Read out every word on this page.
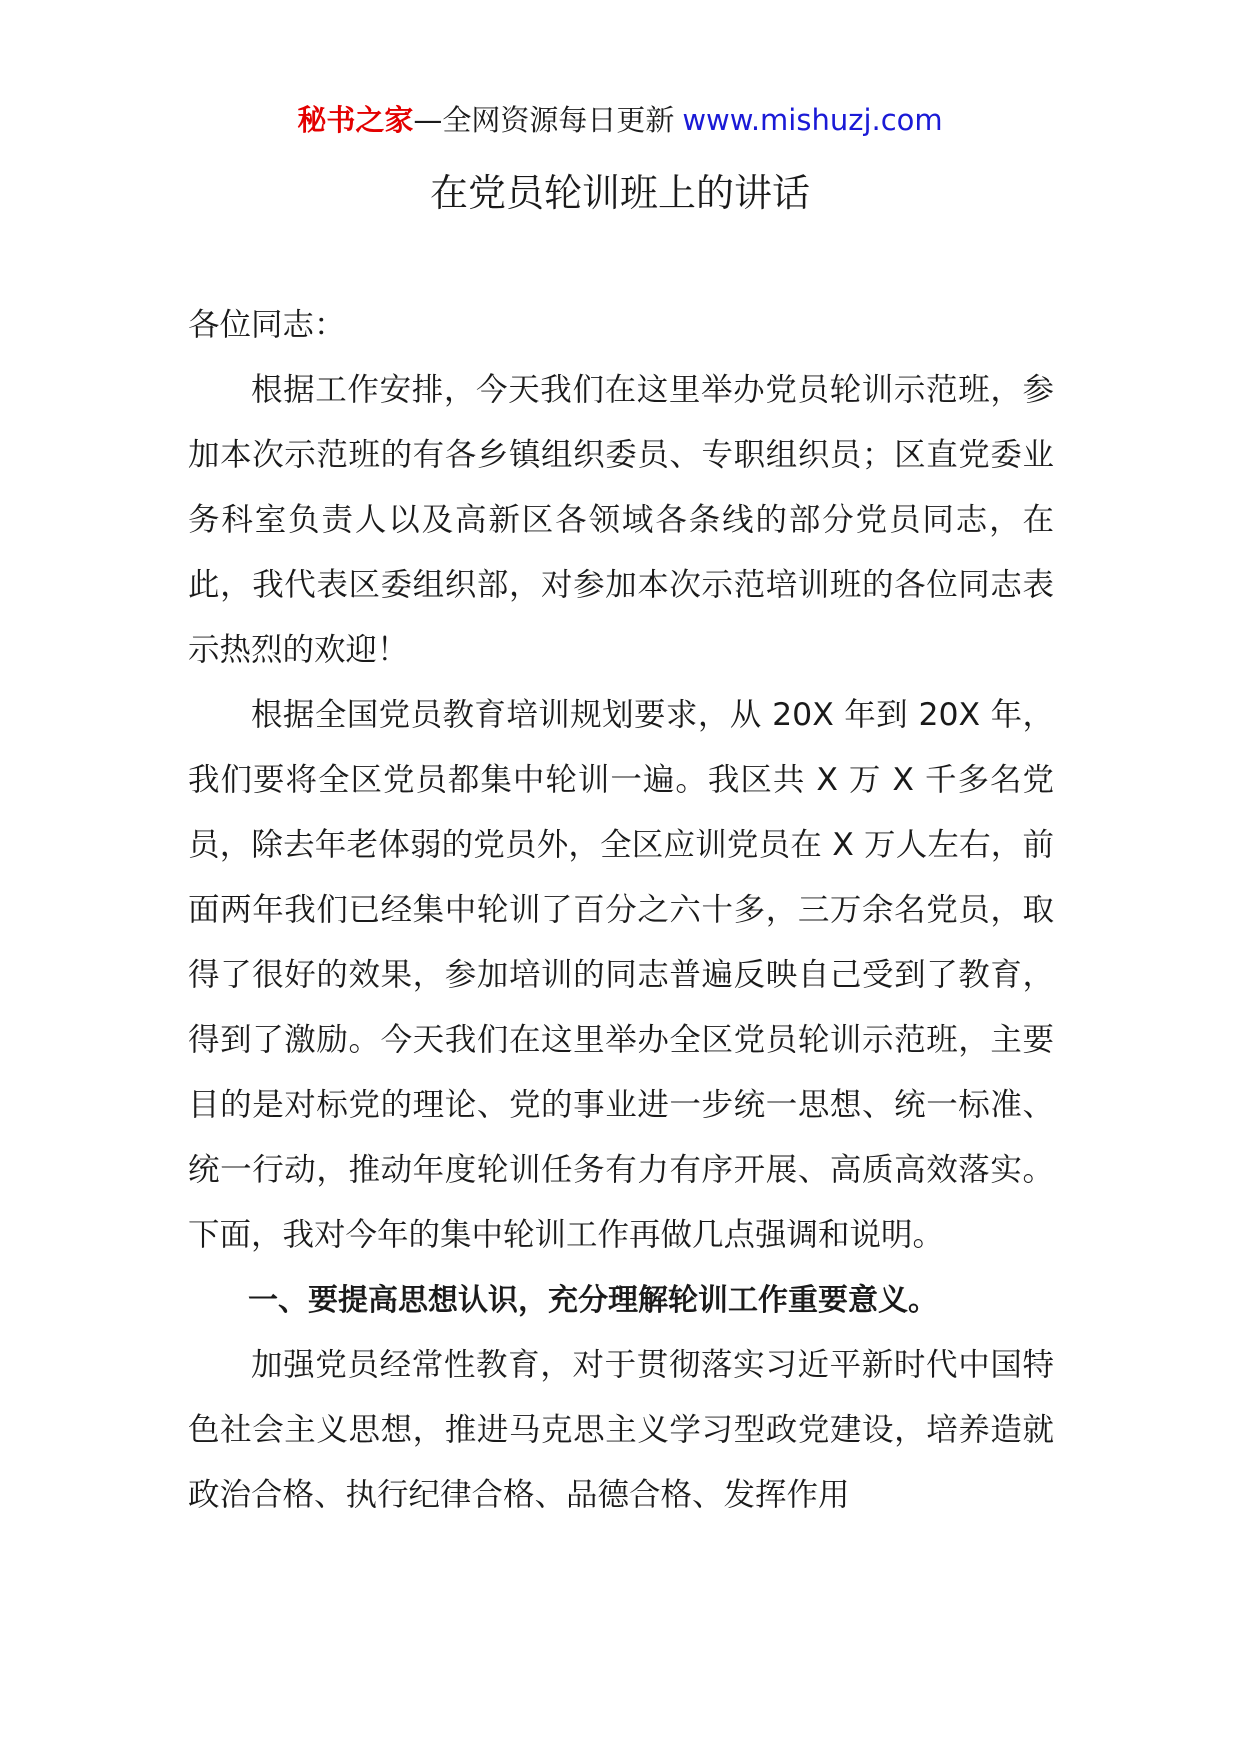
秘书之家—全网资源每日更新 www.mishuzj.com
在党员轮训班上的讲话

各位同志：

根据工作安排，今天我们在这里举办党员轮训示范班，参加本次示范班的有各乡镇组织委员、专职组织员；区直党委业务科室负责人以及高新区各领域各条线的部分党员同志，在此，我代表区委组织部，对参加本次示范培训班的各位同志表示热烈的欢迎！

根据全国党员教育培训规划要求，从 20X 年到 20X 年，我们要将全区党员都集中轮训一遍。我区共 X 万 X 千多名党员，除去年老体弱的党员外，全区应训党员在 X 万人左右，前面两年我们已经集中轮训了百分之六十多，三万余名党员，取得了很好的效果，参加培训的同志普遍反映自己受到了教育，得到了激励。今天我们在这里举办全区党员轮训示范班，主要目的是对标党的理论、党的事业进一步统一思想、统一标准、统一行动，推动年度轮训任务有力有序开展、高质高效落实。下面，我对今年的集中轮训工作再做几点强调和说明。

一、要提高思想认识，充分理解轮训工作重要意义。

加强党员经常性教育，对于贯彻落实习近平新时代中国特色社会主义思想，推进马克思主义学习型政党建设，培养造就政治合格、执行纪律合格、品德合格、发挥作用
